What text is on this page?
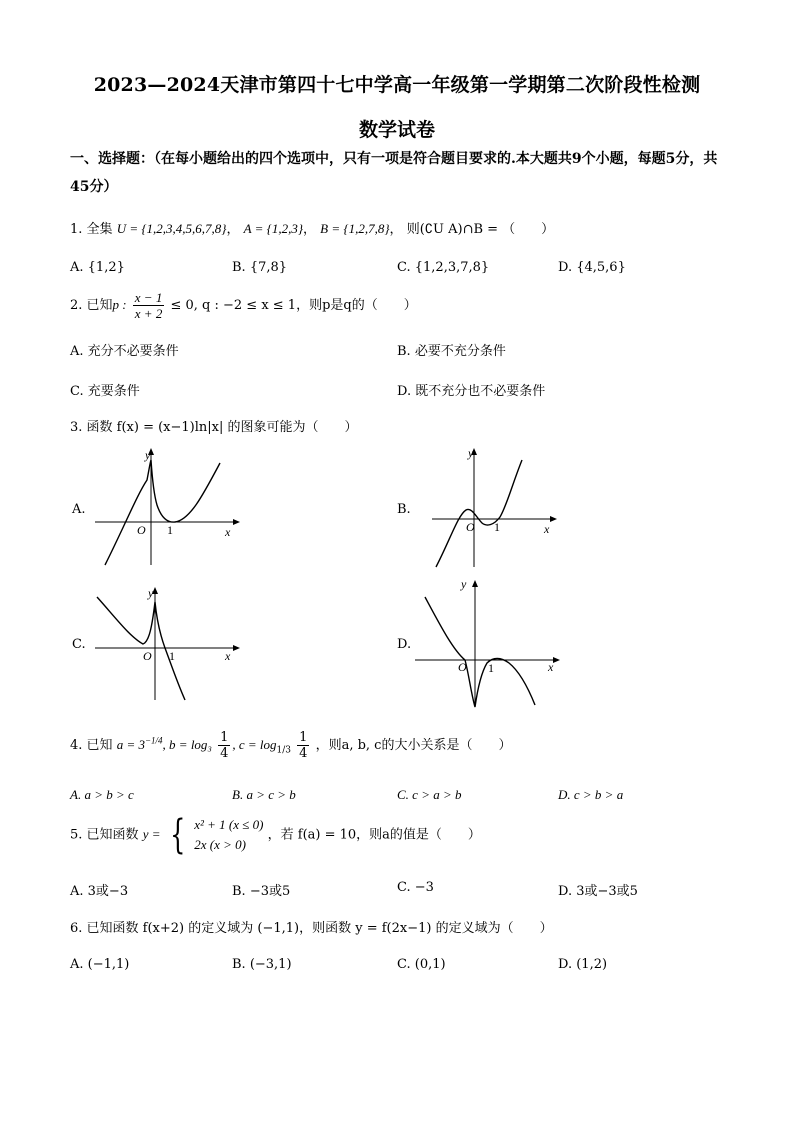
2023—2024天津市第四十七中学高一年级第一学期第二次阶段性检测
数学试卷
一、选择题：（在每小题给出的四个选项中，只有一项是符合题目要求的.本大题共9个小题，每题5分，共45分）
1. 全集 U = {1,2,3,4,5,6,7,8}， A = {1,2,3}， B = {1,2,7,8}， 则(∁U A)∩B = （　　）
A. {1,2}	B. {7,8}	C. {1,2,3,7,8}	D. {4,5,6}
2. 已知p : $\frac{x - 1}{x + 2} \le 0$, q : −2 ≤ x ≤ 1，则p是q的（　　）
A. 充分不必要条件	B. 必要不充分条件
C. 充要条件	D. 既不充分也不必要条件
3. 函数 f(x) = (x−1)ln|x| 的图象可能为（　　）
A.	B.
C.	D.
y
x
O 1
y
x
O 1
y
x
O 1
y
x
O 1
4. 已知 $a = 3^{-1/4}$, $b = \log_3 \frac{1}{4}$ , $c = \log_{1/3} \frac{1}{4}$ ，则a, b, c的大小关系是（　　）
A. a > b > c	B. a > c > b	C. c > a > b	D. c > b > a
5. 已知函数 y = { x² + 1 (x ≤ 0)
2x (x > 0)
，若 f(a) = 10，则a的值是（　　）
A. 3或−3	B. −3或5	C. −3	D. 3或−3或5
6. 已知函数 f(x+2) 的定义域为 (−1,1)，则函数 y = f(2x−1) 的定义域为（　　）
A. (−1,1)	B. (−3,1)	C. (0,1)	D. (1,2)
